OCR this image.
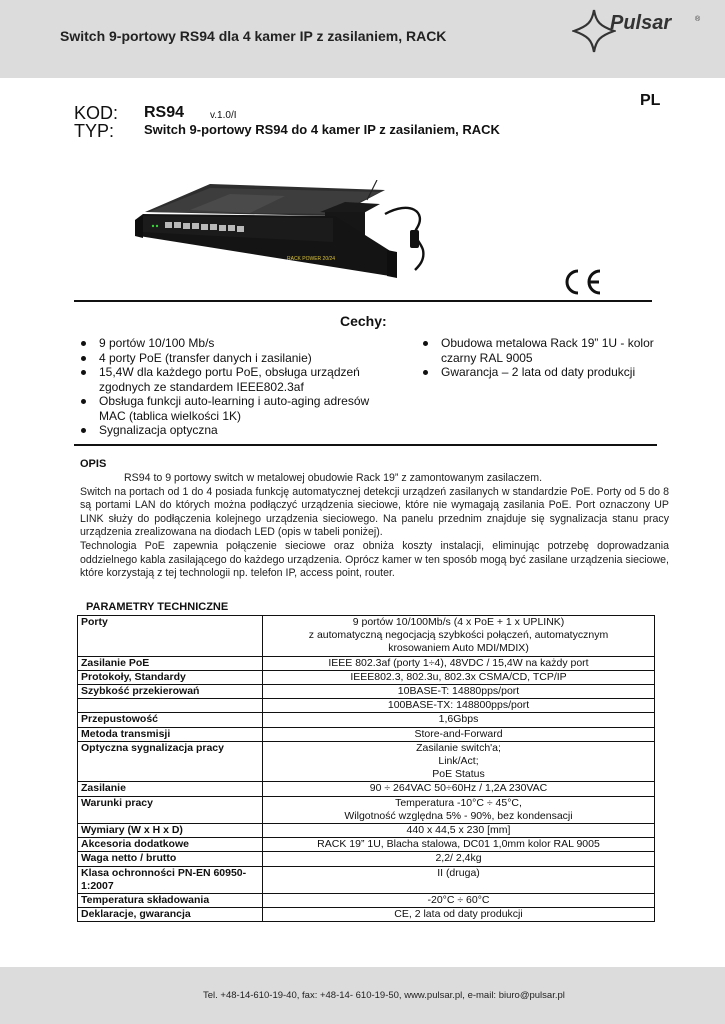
Switch 9-portowy RS94 dla 4 kamer IP z zasilaniem, RACK
Pulsar	®
PL
KOD: RS94	v.1.0/I
TYP: Switch 9-portowy RS94 do 4 kamer IP z zasilaniem, RACK
RACK POWER 20/24
Cechy:
9 portów 10/100 Mb/s
4 porty PoE (transfer danych i zasilanie)
15,4W dla każdego portu PoE, obsługa urządzeń zgodnych ze standardem IEEE802.3af
Obsługa funkcji auto-learning i auto-aging adresów MAC (tablica wielkości 1K)
Sygnalizacja optyczna
Obudowa metalowa Rack 19” 1U - kolor czarny RAL 9005
Gwarancja – 2 lata od daty produkcji
OPIS

RS94 to 9 portowy switch w metalowej obudowie Rack 19” z zamontowanym zasilaczem.

Switch na portach od 1 do 4 posiada funkcję automatycznej detekcji urządzeń zasilanych w standardzie PoE. Porty od 5 do 8 są portami LAN do których można podłączyć urządzenia sieciowe, które nie wymagają zasilania PoE. Port oznaczony UP LINK służy do podłączenia kolejnego urządzenia sieciowego. Na panelu przednim znajduje się sygnalizacja stanu pracy urządzenia zrealizowana na diodach LED (opis w tabeli poniżej).

Technologia PoE zapewnia połączenie sieciowe oraz obniża koszty instalacji, eliminując potrzebę doprowadzania oddzielnego kabla zasilającego do każdego urządzenia. Oprócz kamer w ten sposób mogą być zasilane urządzenia sieciowe, które korzystają z tej technologii np. telefon IP, access point, router.

PARAMETRY TECHNICZNE
Porty	9 portów 10/100Mb/s (4 x PoE + 1 x UPLINK)
z automatyczną negocjacją szybkości połączeń, automatycznym
krosowaniem Auto MDI/MDIX)

Zasilanie PoE	IEEE 802.3af (porty 1÷4), 48VDC / 15,4W na każdy port

Protokoły, Standardy	IEEE802.3, 802.3u, 802.3x CSMA/CD, TCP/IP

Szybkość przekierowań	10BASE-T: 14880pps/port

	100BASE-TX: 148800pps/port

Przepustowość	1,6Gbps

Metoda transmisji	Store-and-Forward

Optyczna sygnalizacja pracy	Zasilanie switch'a;
Link/Act;
PoE Status

Zasilanie	90 ÷ 264VAC 50÷60Hz / 1,2A 230VAC

Warunki pracy	Temperatura -10°C ÷ 45°C,
Wilgotność względna 5% - 90%, bez kondensacji

Wymiary (W x H x D)	440 x 44,5 x 230 [mm]

Akcesoria dodatkowe	RACK 19” 1U, Blacha stalowa, DC01 1,0mm kolor RAL 9005

Waga netto / brutto	2,2/ 2,4kg

Klasa ochronności PN-EN 60950-1:2007	II (druga)

Temperatura składowania	-20°C ÷ 60°C

Deklaracje, gwarancja	CE, 2 lata od daty produkcji
Tel. +48-14-610-19-40, fax: +48-14- 610-19-50, www.pulsar.pl, e-mail: biuro@pulsar.pl
